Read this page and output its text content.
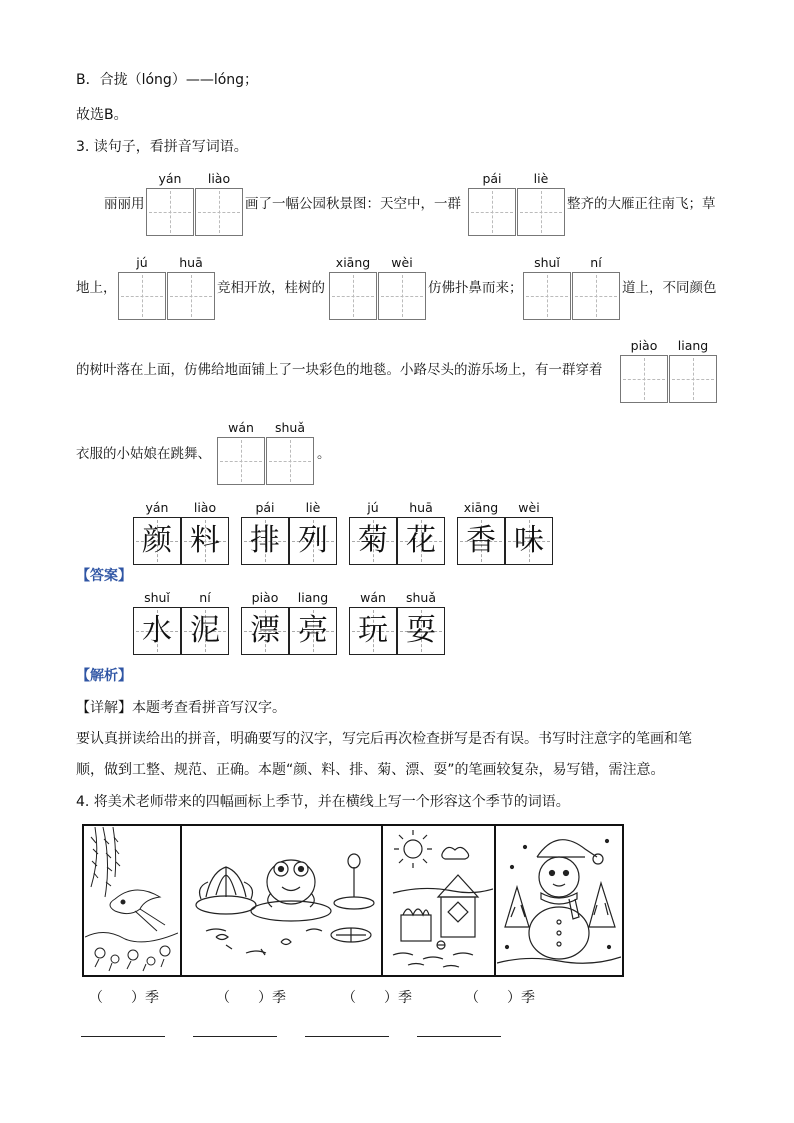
B．合拢（lóng）——lóng；
故选B。
3. 读句子，看拼音写词语。
丽丽用
yán	liào
画了一幅公园秋景图：天空中，一群
pái	liè
整齐的大雁正往南飞；草
地上，
jú	huā
竞相开放，桂树的
xiāng	wèi
仿佛扑鼻而来；
shuǐ	ní
道上，不同颜色
的树叶落在上面，仿佛给地面铺上了一块彩色的地毯。小路尽头的游乐场上，有一群穿着
piào	liang
衣服的小姑娘在跳舞、
wán	shuǎ
。
yán	liào
颜 料
pái	liè
排 列
jú	huā
菊 花
xiāng	wèi
香 味
【答案】
shuǐ	ní
水 泥
piào	liang
漂 亮
wán	shuǎ
玩 耍
【解析】
【详解】本题考查看拼音写汉字。
要认真拼读给出的拼音，明确要写的汉字，写完后再次检查拼写是否有误。书写时注意字的笔画和笔
顺，做到工整、规范、正确。本题“颜、料、排、菊、漂、耍”的笔画较复杂，易写错，需注意。
4. 将美术老师带来的四幅画标上季节，并在横线上写一个形容这个季节的词语。
（　　）季	（　　）季	（　　）季	（　　）季
